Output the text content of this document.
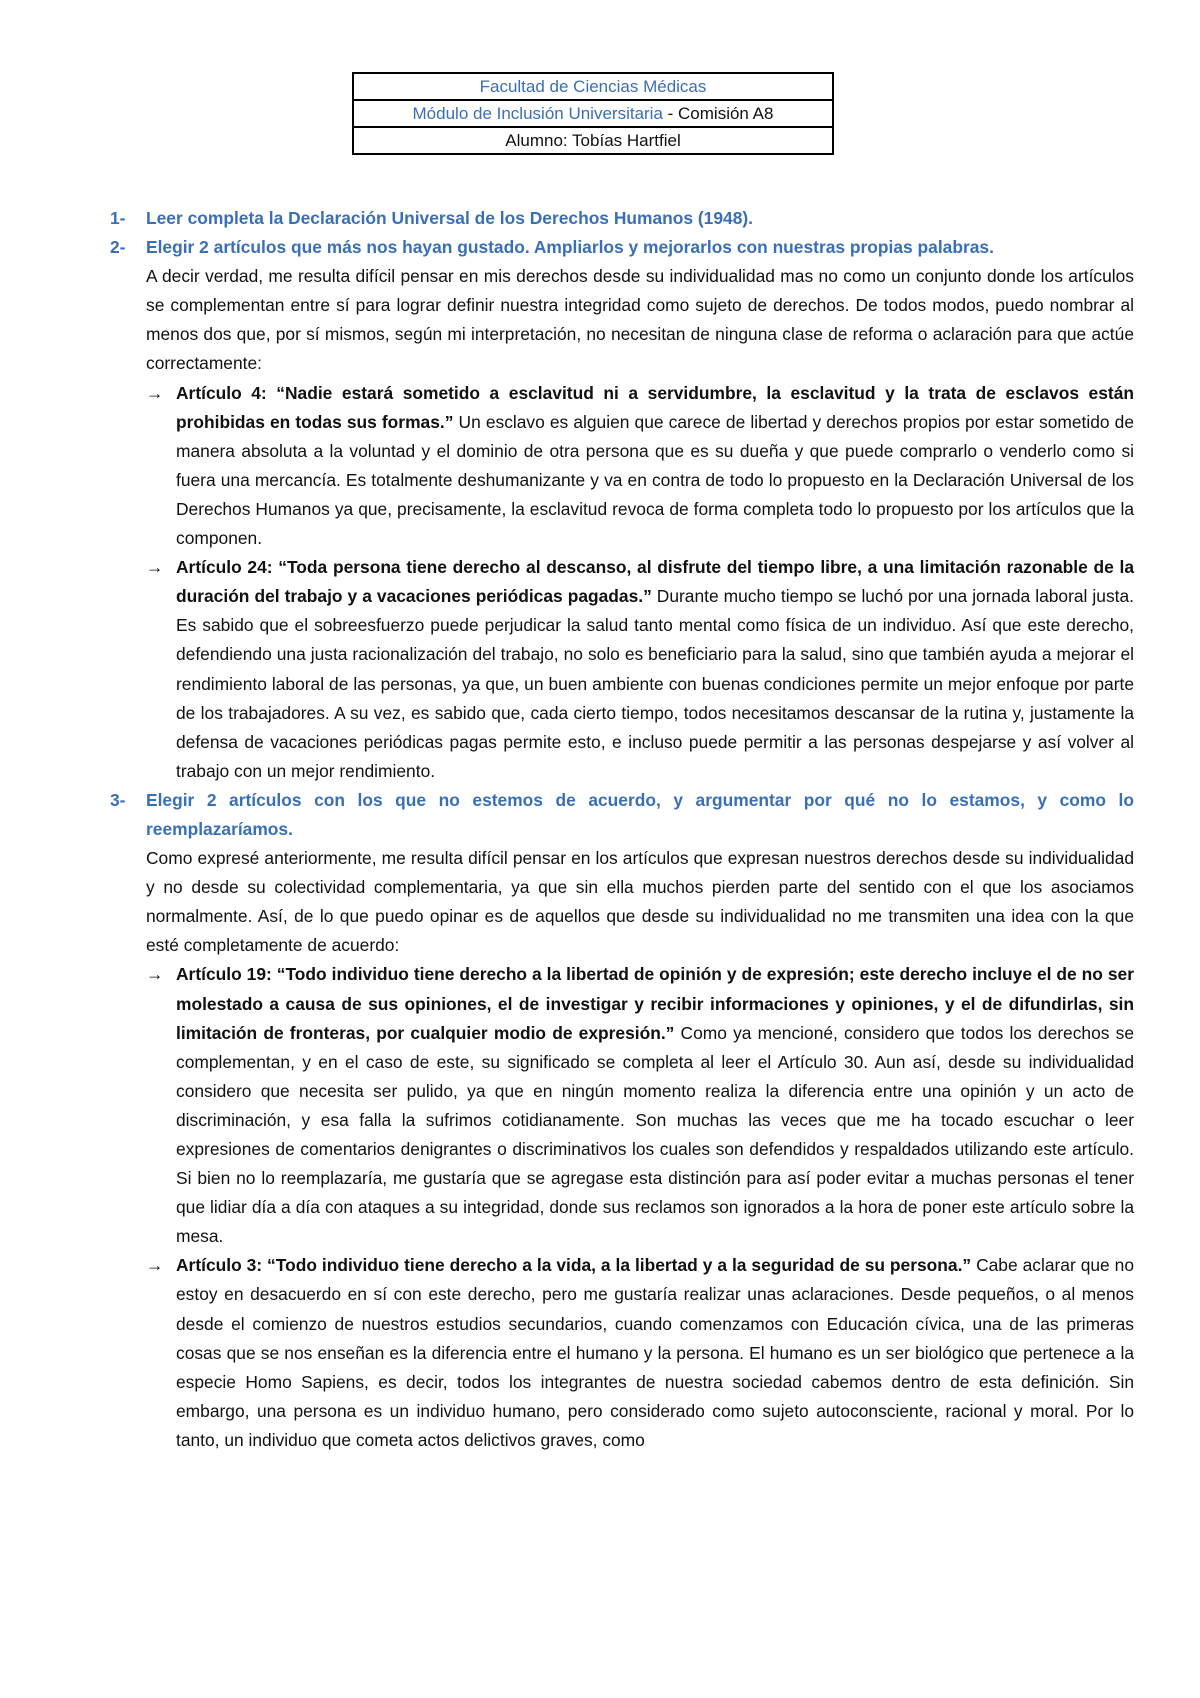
Facultad de Ciencias Médicas
Módulo de Inclusión Universitaria - Comisión A8
Alumno: Tobías Hartfiel
1- Leer completa la Declaración Universal de los Derechos Humanos (1948).
2- Elegir 2 artículos que más nos hayan gustado. Ampliarlos y mejorarlos con nuestras propias palabras.

A decir verdad, me resulta difícil pensar en mis derechos desde su individualidad mas no como un conjunto donde los artículos se complementan entre sí para lograr definir nuestra integridad como sujeto de derechos. De todos modos, puedo nombrar al menos dos que, por sí mismos, según mi interpretación, no necesitan de ninguna clase de reforma o aclaración para que actúe correctamente:

→ Artículo 4: “Nadie estará sometido a esclavitud ni a servidumbre, la esclavitud y la trata de esclavos están prohibidas en todas sus formas.” Un esclavo es alguien que carece de libertad y derechos propios por estar sometido de manera absoluta a la voluntad y el dominio de otra persona que es su dueña y que puede comprarlo o venderlo como si fuera una mercancía. Es totalmente deshumanizante y va en contra de todo lo propuesto en la Declaración Universal de los Derechos Humanos ya que, precisamente, la esclavitud revoca de forma completa todo lo propuesto por los artículos que la componen.
→ Artículo 24: “Toda persona tiene derecho al descanso, al disfrute del tiempo libre, a una limitación razonable de la duración del trabajo y a vacaciones periódicas pagadas.” Durante mucho tiempo se luchó por una jornada laboral justa. Es sabido que el sobreesfuerzo puede perjudicar la salud tanto mental como física de un individuo. Así que este derecho, defendiendo una justa racionalización del trabajo, no solo es beneficiario para la salud, sino que también ayuda a mejorar el rendimiento laboral de las personas, ya que, un buen ambiente con buenas condiciones permite un mejor enfoque por parte de los trabajadores. A su vez, es sabido que, cada cierto tiempo, todos necesitamos descansar de la rutina y, justamente la defensa de vacaciones periódicas pagas permite esto, e incluso puede permitir a las personas despejarse y así volver al trabajo con un mejor rendimiento.
3- Elegir 2 artículos con los que no estemos de acuerdo, y argumentar por qué no lo estamos, y como lo reemplazaríamos.

Como expresé anteriormente, me resulta difícil pensar en los artículos que expresan nuestros derechos desde su individualidad y no desde su colectividad complementaria, ya que sin ella muchos pierden parte del sentido con el que los asociamos normalmente. Así, de lo que puedo opinar es de aquellos que desde su individualidad no me transmiten una idea con la que esté completamente de acuerdo:

→ Artículo 19: “Todo individuo tiene derecho a la libertad de opinión y de expresión; este derecho incluye el de no ser molestado a causa de sus opiniones, el de investigar y recibir informaciones y opiniones, y el de difundirlas, sin limitación de fronteras, por cualquier modio de expresión.” Como ya mencioné, considero que todos los derechos se complementan, y en el caso de este, su significado se completa al leer el Artículo 30. Aun así, desde su individualidad considero que necesita ser pulido, ya que en ningún momento realiza la diferencia entre una opinión y un acto de discriminación, y esa falla la sufrimos cotidianamente. Son muchas las veces que me ha tocado escuchar o leer expresiones de comentarios denigrantes o discriminativos los cuales son defendidos y respaldados utilizando este artículo. Si bien no lo reemplazaría, me gustaría que se agregase esta distinción para así poder evitar a muchas personas el tener que lidiar día a día con ataques a su integridad, donde sus reclamos son ignorados a la hora de poner este artículo sobre la mesa.
→ Artículo 3: “Todo individuo tiene derecho a la vida, a la libertad y a la seguridad de su persona.” Cabe aclarar que no estoy en desacuerdo en sí con este derecho, pero me gustaría realizar unas aclaraciones. Desde pequeños, o al menos desde el comienzo de nuestros estudios secundarios, cuando comenzamos con Educación cívica, una de las primeras cosas que se nos enseñan es la diferencia entre el humano y la persona. El humano es un ser biológico que pertenece a la especie Homo Sapiens, es decir, todos los integrantes de nuestra sociedad cabemos dentro de esta definición. Sin embargo, una persona es un individuo humano, pero considerado como sujeto autoconsciente, racional y moral. Por lo tanto, un individuo que cometa actos delictivos graves, como
